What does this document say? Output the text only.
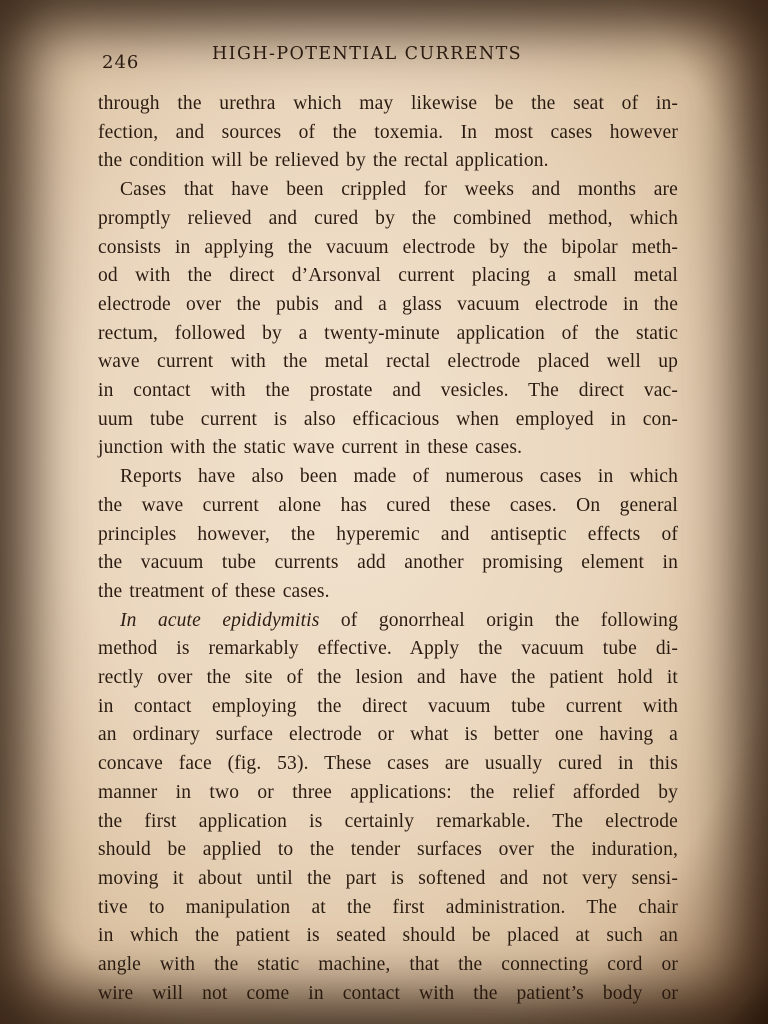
246	HIGH-POTENTIAL CURRENTS
through the urethra which may likewise be the seat of in-
fection, and sources of the toxemia. In most cases however
the condition will be relieved by the rectal application.
Cases that have been crippled for weeks and months are
promptly relieved and cured by the combined method, which
consists in applying the vacuum electrode by the bipolar meth-
od with the direct d’Arsonval current placing a small metal
electrode over the pubis and a glass vacuum electrode in the
rectum, followed by a twenty-minute application of the static
wave current with the metal rectal electrode placed well up
in contact with the prostate and vesicles. The direct vac-
uum tube current is also efficacious when employed in con-
junction with the static wave current in these cases.
Reports have also been made of numerous cases in which
the wave current alone has cured these cases. On general
principles however, the hyperemic and antiseptic effects of
the vacuum tube currents add another promising element in
the treatment of these cases.
In acute epididymitis of gonorrheal origin the following
method is remarkably effective. Apply the vacuum tube di-
rectly over the site of the lesion and have the patient hold it
in contact employing the direct vacuum tube current with
an ordinary surface electrode or what is better one having a
concave face (fig. 53). These cases are usually cured in this
manner in two or three applications: the relief afforded by
the first application is certainly remarkable. The electrode
should be applied to the tender surfaces over the induration,
moving it about until the part is softened and not very sensi-
tive to manipulation at the first administration. The chair
in which the patient is seated should be placed at such an
angle with the static machine, that the connecting cord or
wire will not come in contact with the patient’s body or
